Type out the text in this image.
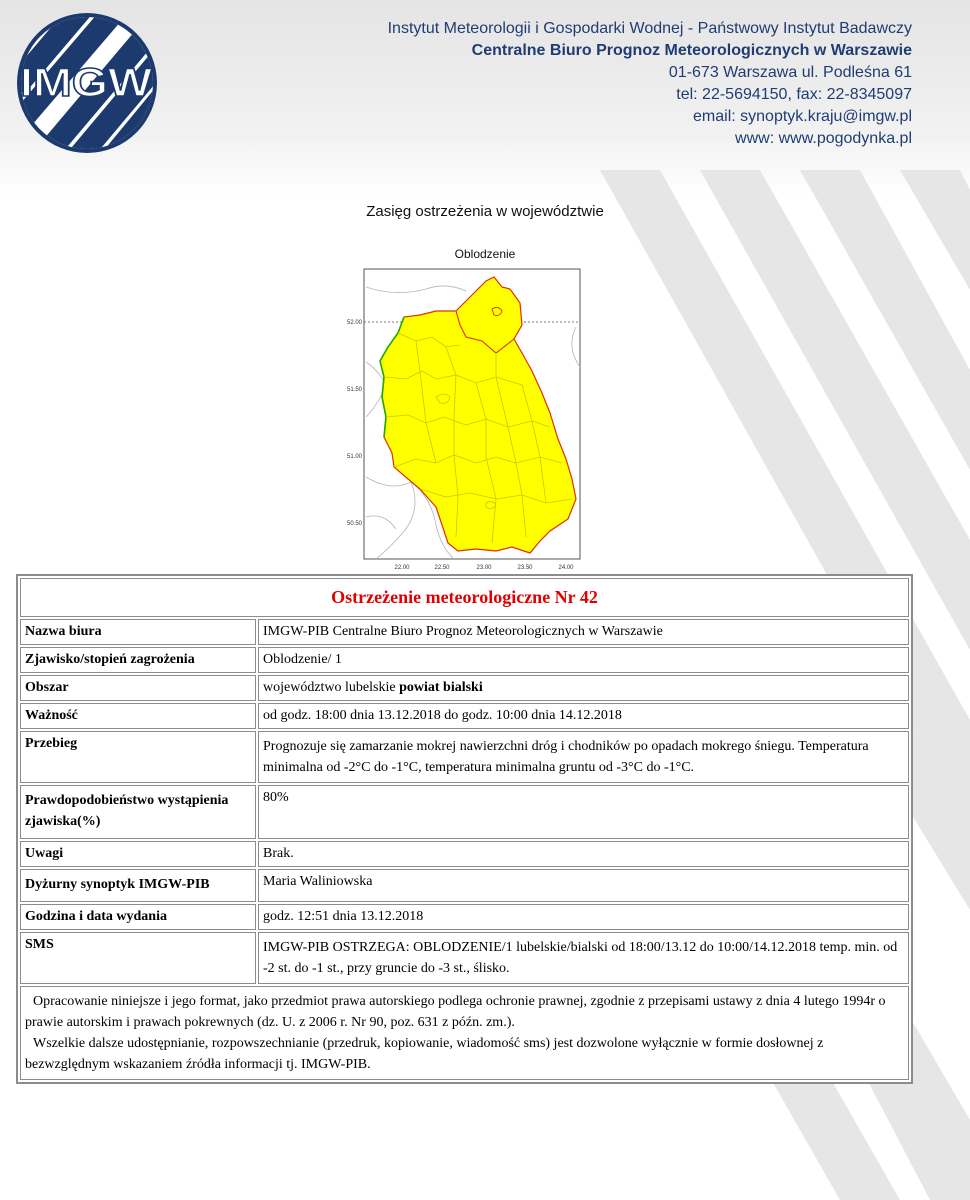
IMGW
Instytut Meteorologii i Gospodarki Wodnej - Państwowy Instytut Badawczy
Centralne Biuro Prognoz Meteorologicznych w Warszawie
01-673 Warszawa ul. Podleśna 61
tel: 22-5694150, fax: 22-8345097
email: synoptyk.kraju@imgw.pl
www: www.pogodynka.pl
Zasięg ostrzeżenia w województwie
Oblodzenie
52.00
51.50
51.00
50.50
22.00	22.50	23.00	23.50	24.00
Ostrzeżenie meteorologiczne Nr 42	
Nazwa biura	IMGW-PIB Centralne Biuro Prognoz Meteorologicznych w Warszawie
Zjawisko/stopień zagrożenia	Oblodzenie/ 1
Obszar	województwo lubelskie powiat bialski
Ważność	od godz. 18:00 dnia 13.12.2018 do godz. 10:00 dnia 14.12.2018
Przebieg	Prognozuje się zamarzanie mokrej nawierzchni dróg i chodników po opadach mokrego śniegu. Temperatura minimalna od -2°C do -1°C, temperatura minimalna gruntu od -3°C do -1°C.
Prawdopodobieństwo wystąpienia zjawiska(%)	80%
Uwagi	Brak.
Dyżurny synoptyk IMGW-PIB	Maria Waliniowska
Godzina i data wydania	godz. 12:51 dnia 13.12.2018
SMS	IMGW-PIB OSTRZEGA: OBLODZENIE/1 lubelskie/bialski od 18:00/13.12 do 10:00/14.12.2018 temp. min. od -2 st. do -1 st., przy gruncie do -3 st., ślisko.

Opracowanie niniejsze i jego format, jako przedmiot prawa autorskiego podlega ochronie prawnej, zgodnie z przepisami ustawy z dnia 4 lutego 1994r o prawie autorskim i prawach pokrewnych (dz. U. z 2006 r. Nr 90, poz. 631 z późn. zm.).

Wszelkie dalsze udostępnianie, rozpowszechnianie (przedruk, kopiowanie, wiadomość sms) jest dozwolone wyłącznie w formie dosłownej z bezwzględnym wskazaniem źródła informacji tj. IMGW-PIB.	
